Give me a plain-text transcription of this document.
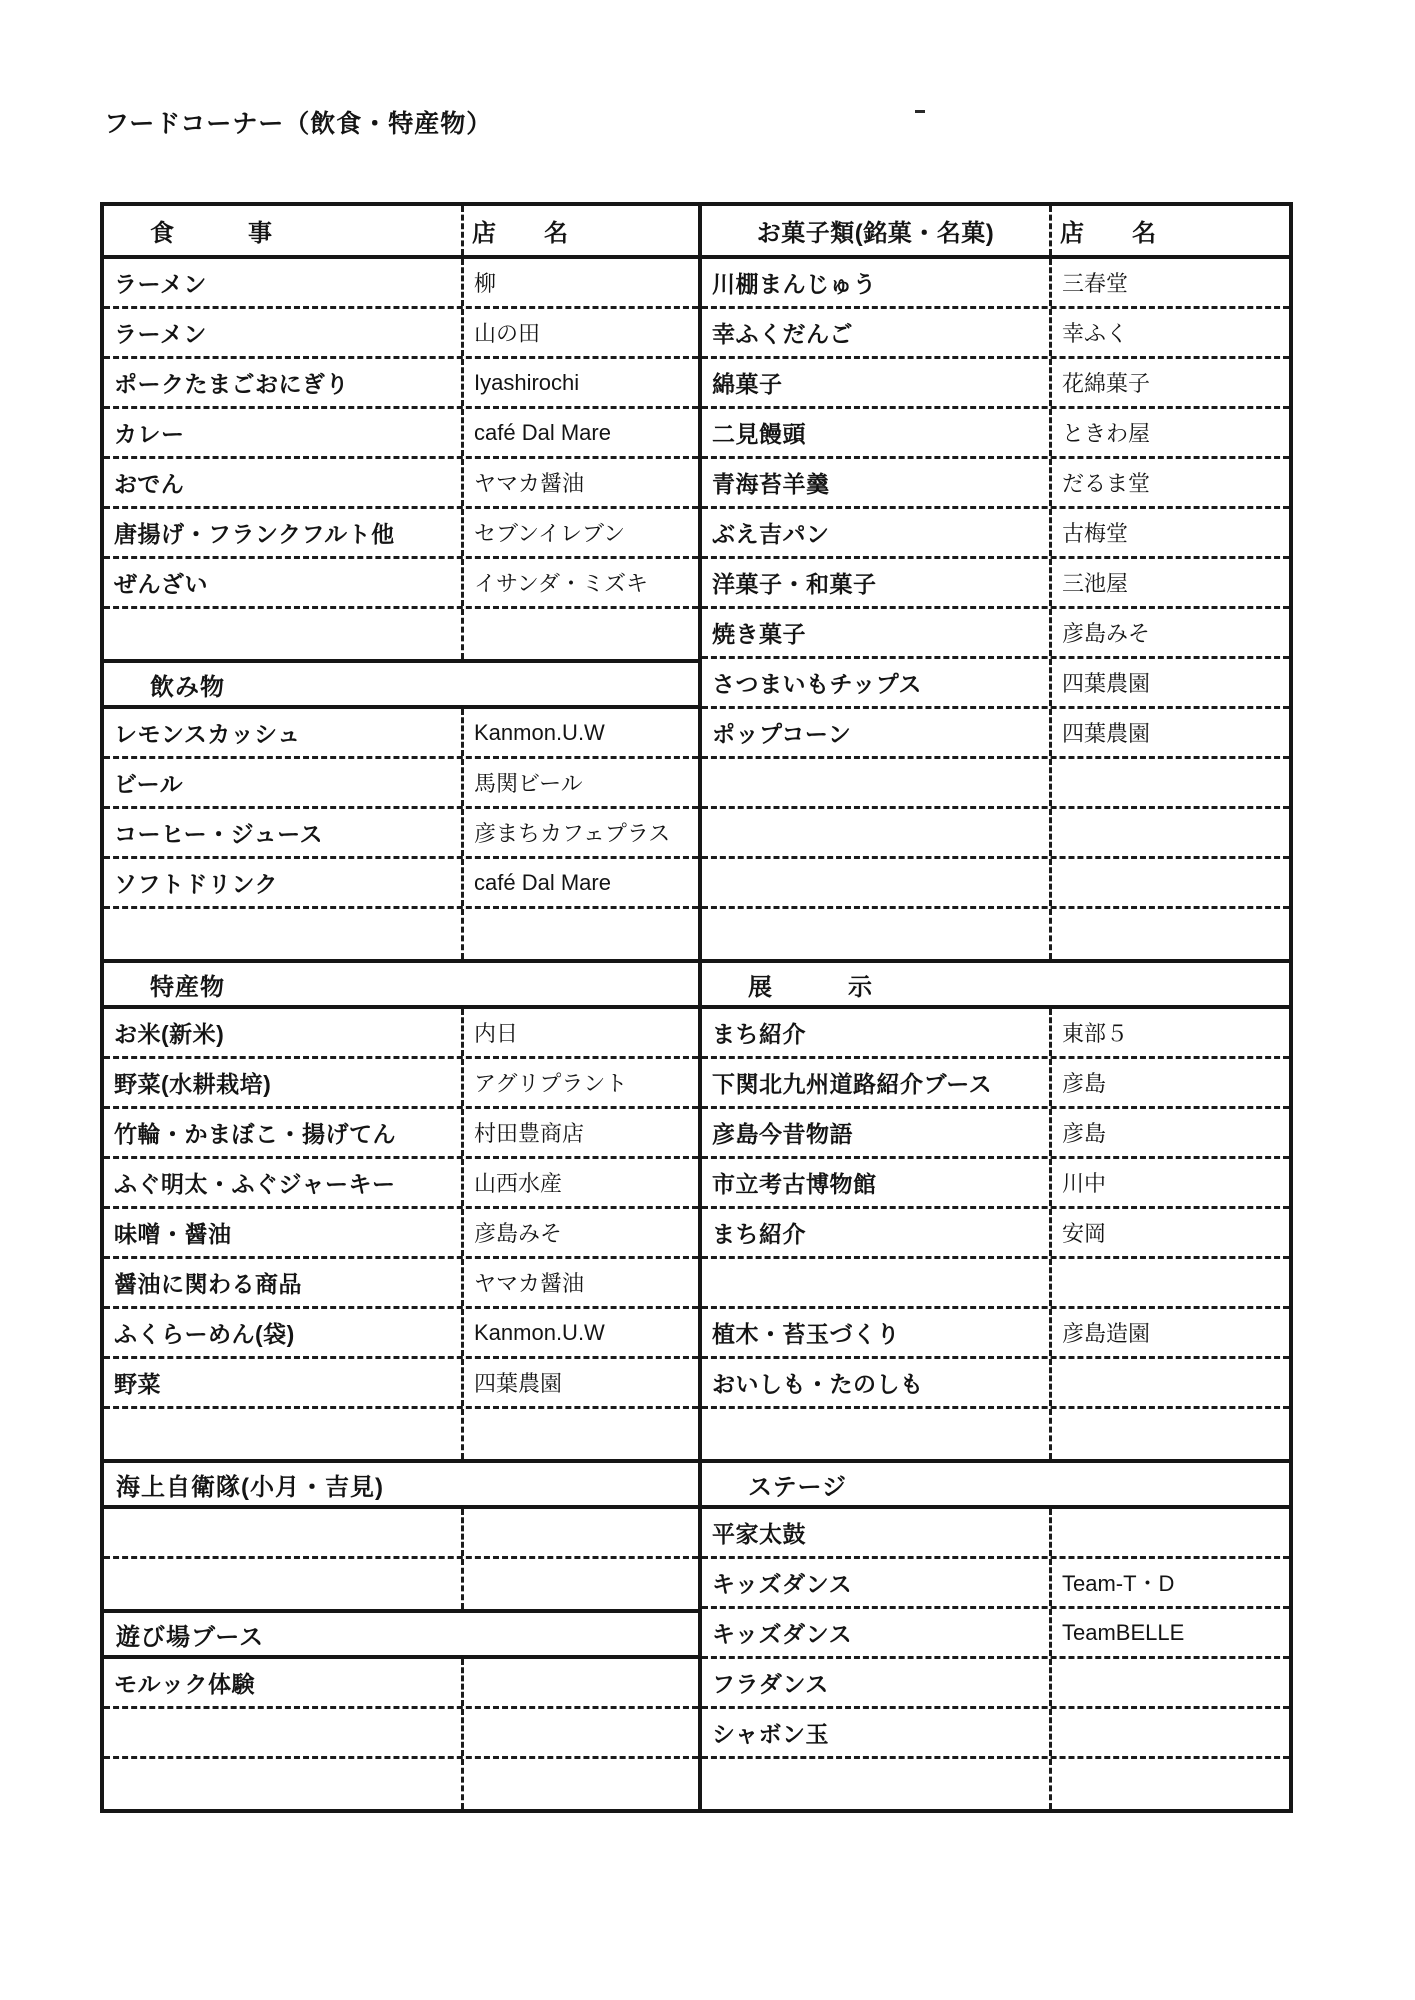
フードコーナー（飲食・特産物）
食　　　事	店　　名
ラーメン	柳
ラーメン	山の田
ポークたまごおにぎり	Iyashirochi
カレー	café Dal Mare
おでん	ヤマカ醤油
唐揚げ・フランクフルト他	セブンイレブン
ぜんざい	イサンダ・ミズキ
飲み物
レモンスカッシュ	Kanmon.U.W
ビール	馬関ビール
コーヒー・ジュース	彦まちカフェプラス
ソフトドリンク	café Dal Mare
特産物
お米(新米)	内日
野菜(水耕栽培)	アグリプラント
竹輪・かまぼこ・揚げてん	村田豊商店
ふぐ明太・ふぐジャーキー	山西水産
味噌・醤油	彦島みそ
醤油に関わる商品	ヤマカ醤油
ふくらーめん(袋)	Kanmon.U.W
野菜	四葉農園
海上自衛隊(小月・吉見)
遊び場ブース
モルック体験
お菓子類(銘菓・名菓)	店　　名
川棚まんじゅう	三春堂
幸ふくだんご	幸ふく
綿菓子	花綿菓子
二見饅頭	ときわ屋
青海苔羊羹	だるま堂
ぶえ吉パン	古梅堂
洋菓子・和菓子	三池屋
焼き菓子	彦島みそ
さつまいもチップス	四葉農園
ポップコーン	四葉農園
展　　　示
まち紹介	東部５
下関北九州道路紹介ブース	彦島
彦島今昔物語	彦島
市立考古博物館	川中
まち紹介	安岡
植木・苔玉づくり	彦島造園
おいしも・たのしも
ステージ
平家太鼓
キッズダンス	Team-T・D
キッズダンス	TeamBELLE
フラダンス
シャボン玉
